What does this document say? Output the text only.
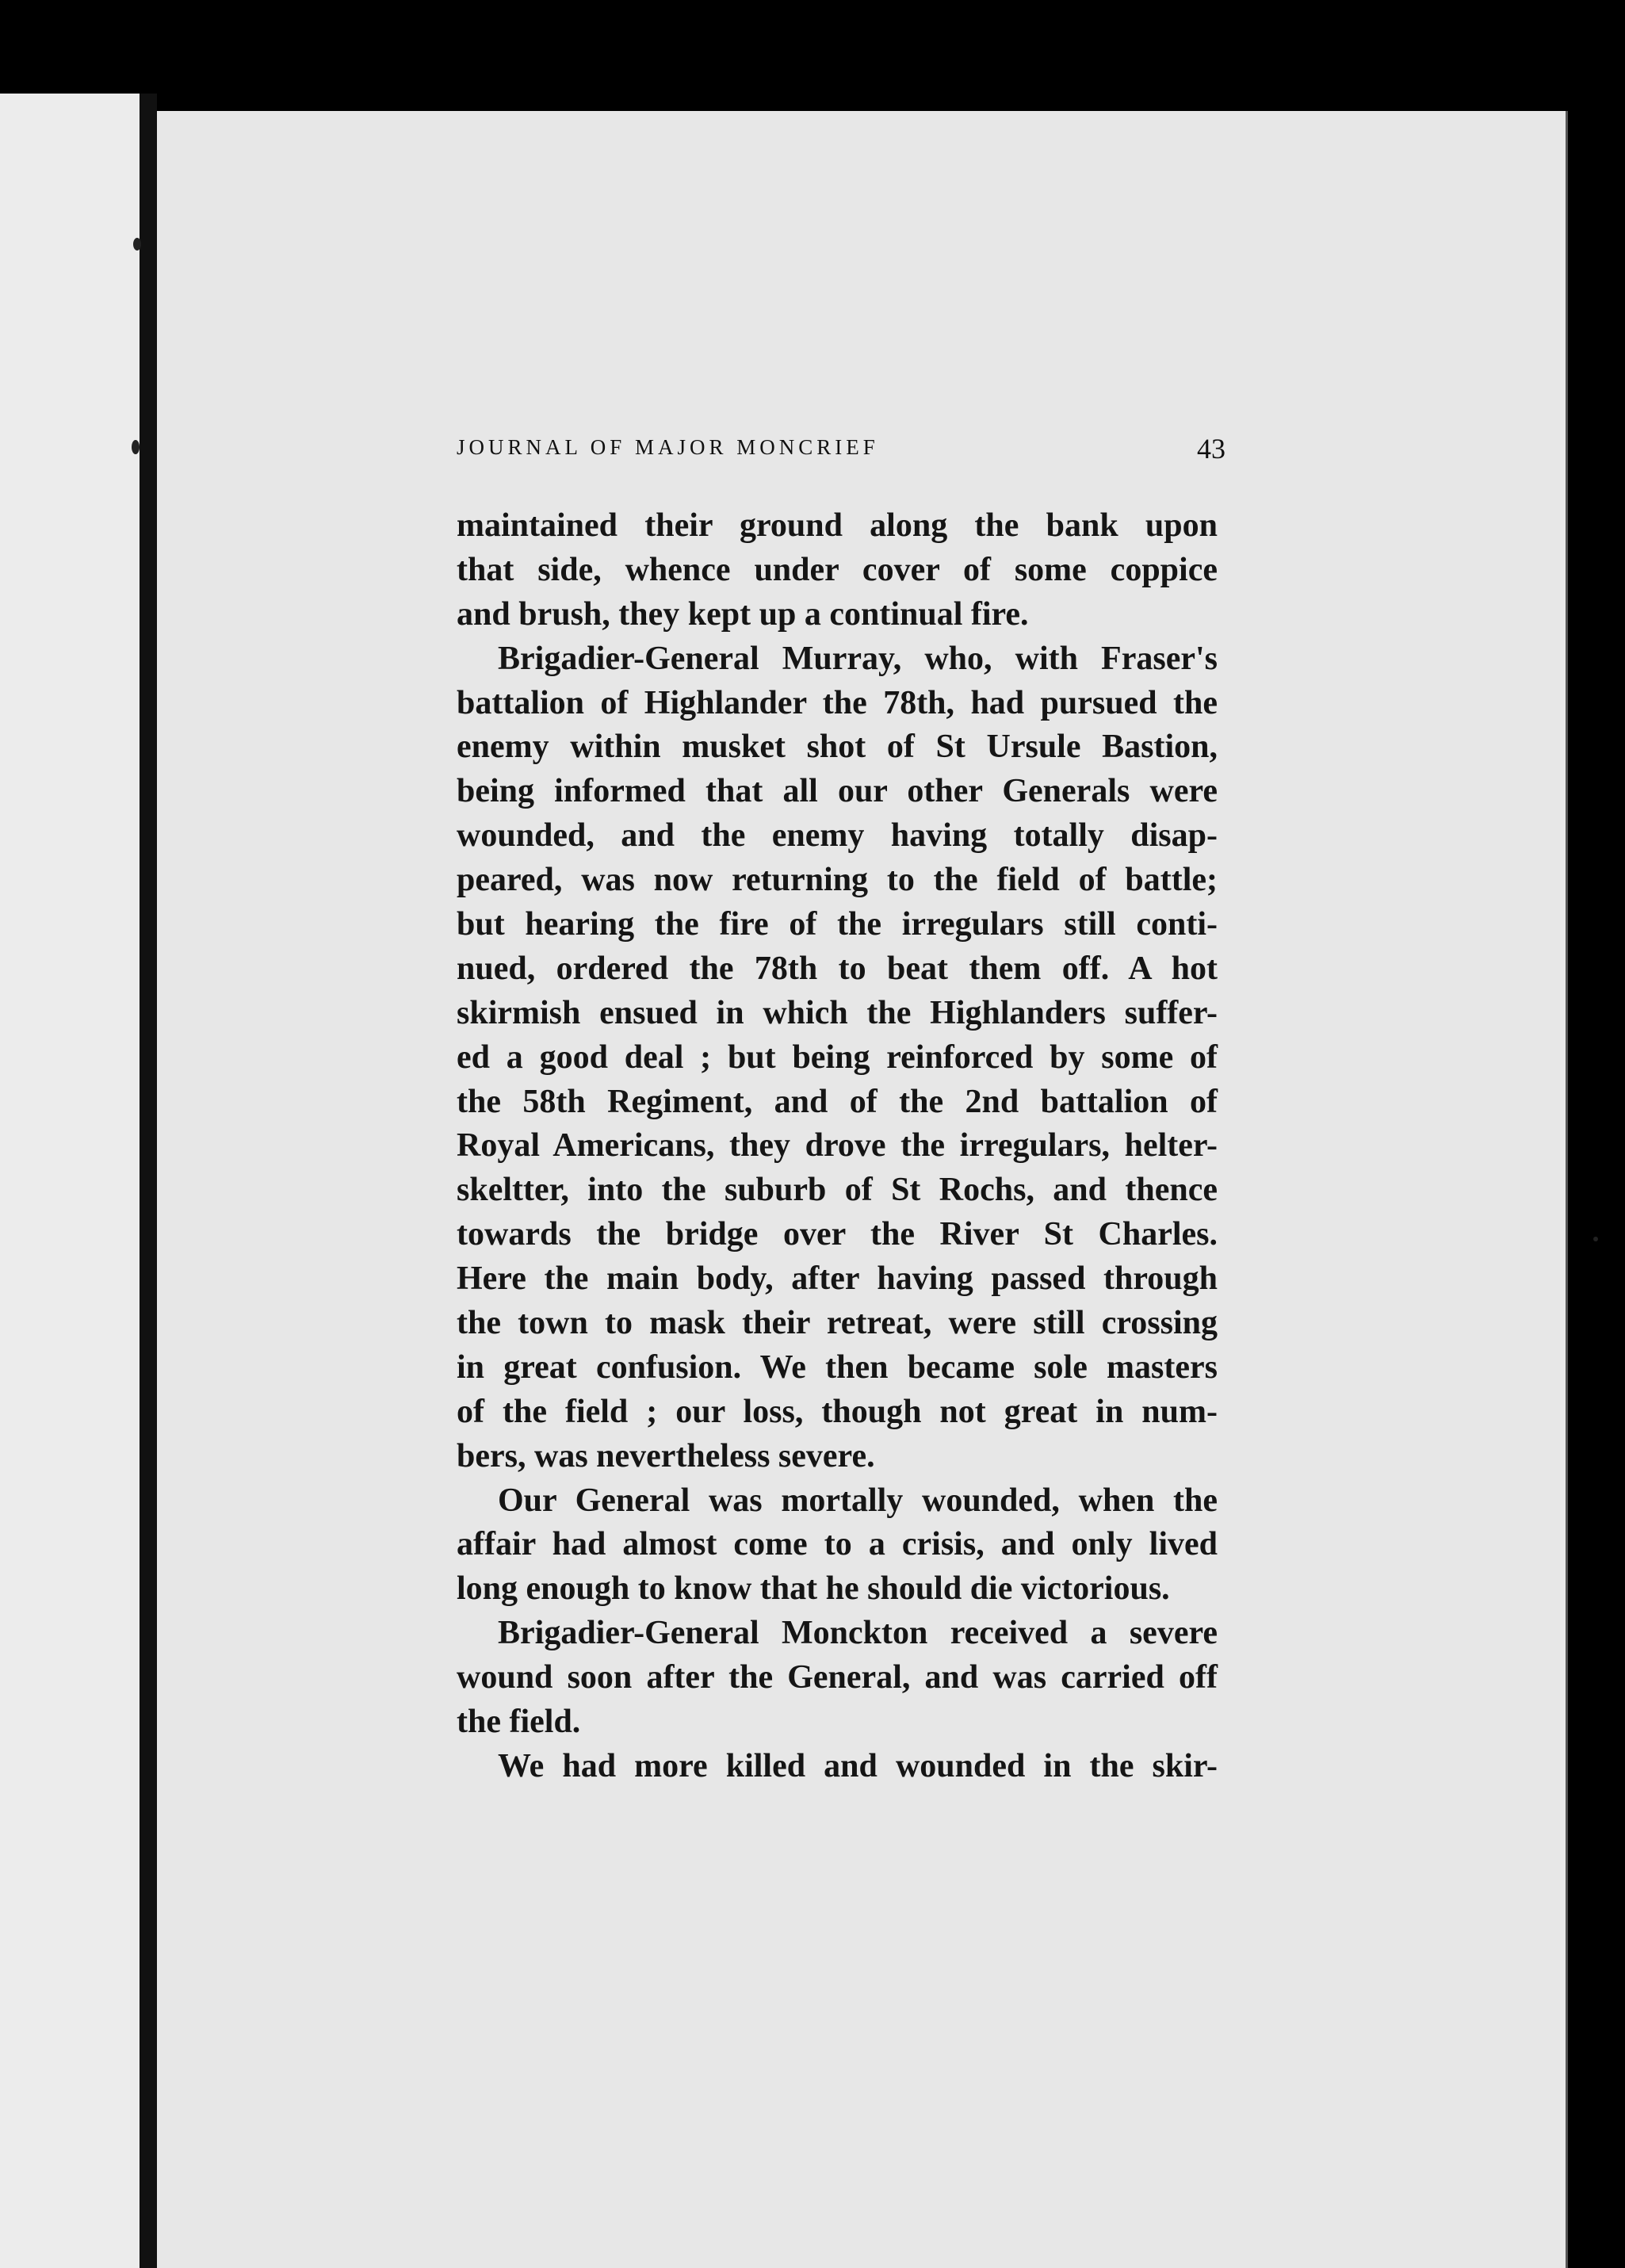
JOURNAL OF MAJOR MONCRIEF	43
maintained their ground along the bank upon
that side, whence under cover of some coppice
and brush, they kept up a continual fire.
Brigadier-General Murray, who, with Fraser's
battalion of Highlander the 78th, had pursued the
enemy within musket shot of St Ursule Bastion,
being informed that all our other Generals were
wounded, and the enemy having totally disap-
peared, was now returning to the field of battle;
but hearing the fire of the irregulars still conti-
nued, ordered the 78th to beat them off. A hot
skirmish ensued in which the Highlanders suffer-
ed a good deal ; but being reinforced by some of
the 58th Regiment, and of the 2nd battalion of
Royal Americans, they drove the irregulars, helter-
skeltter, into the suburb of St Rochs, and thence
towards the bridge over the River St Charles.
Here the main body, after having passed through
the town to mask their retreat, were still crossing
in great confusion. We then became sole masters
of the field ; our loss, though not great in num-
bers, was nevertheless severe.
Our General was mortally wounded, when the
affair had almost come to a crisis, and only lived
long enough to know that he should die victorious.
Brigadier-General Monckton received a severe
wound soon after the General, and was carried off
the field.
We had more killed and wounded in the skir-
